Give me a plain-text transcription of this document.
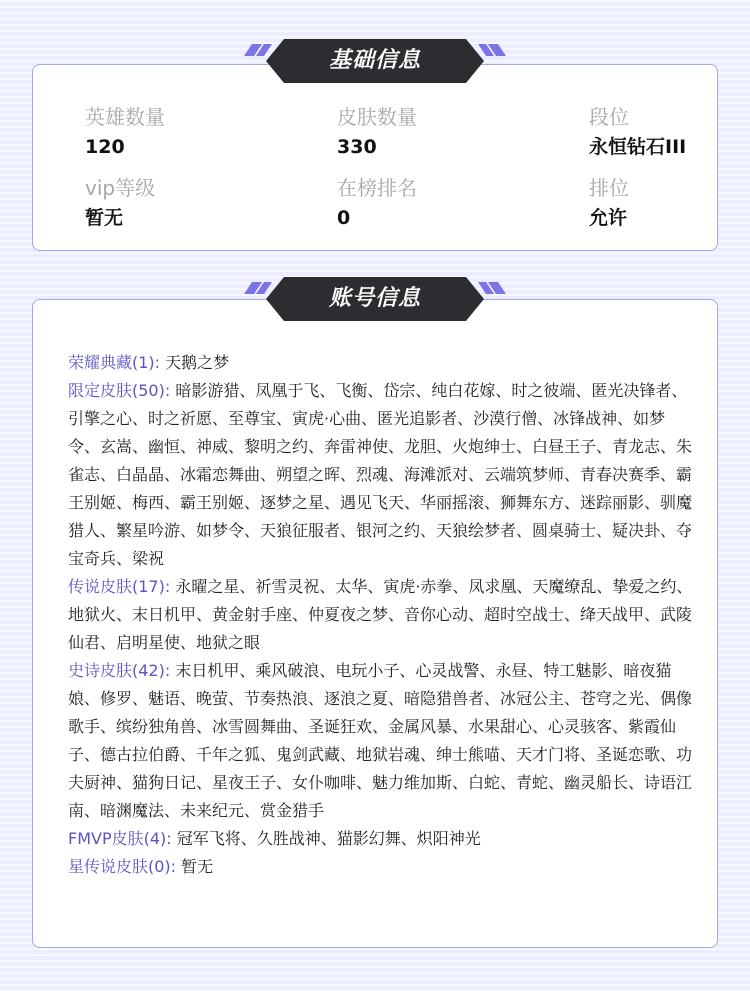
基础信息
英雄数量
120
皮肤数量
330
段位
永恒钻石III
vip等级
暂无
在榜排名
0
排位
允许
账号信息
荣耀典藏(1): 天鹅之梦
限定皮肤(50): 暗影游猎、凤凰于飞、飞衡、岱宗、纯白花嫁、时之彼端、匿光决锋者、引擎之心、时之祈愿、至尊宝、寅虎·心曲、匿光追影者、沙漠行僧、冰锋战神、如梦令、玄嵩、幽恒、神威、黎明之约、奔雷神使、龙胆、火炮绅士、白昼王子、青龙志、朱雀志、白晶晶、冰霜恋舞曲、朔望之晖、烈魂、海滩派对、云端筑梦师、青春决赛季、霸王别姬、梅西、霸王别姬、逐梦之星、遇见飞天、华丽摇滚、狮舞东方、迷踪丽影、驯魔猎人、繁星吟游、如梦令、天狼征服者、银河之约、天狼绘梦者、圆桌骑士、疑决卦、夺宝奇兵、梁祝
传说皮肤(17): 永曜之星、祈雪灵祝、太华、寅虎·赤拳、凤求凰、天魔缭乱、挚爱之约、地狱火、末日机甲、黄金射手座、仲夏夜之梦、音你心动、超时空战士、绛天战甲、武陵仙君、启明星使、地狱之眼
史诗皮肤(42): 末日机甲、乘风破浪、电玩小子、心灵战警、永昼、特工魅影、暗夜猫娘、修罗、魅语、晚萤、节奏热浪、逐浪之夏、暗隐猎兽者、冰冠公主、苍穹之光、偶像歌手、缤纷独角兽、冰雪圆舞曲、圣诞狂欢、金属风暴、水果甜心、心灵骇客、紫霞仙子、德古拉伯爵、千年之狐、鬼剑武藏、地狱岩魂、绅士熊喵、天才门将、圣诞恋歌、功夫厨神、猫狗日记、星夜王子、女仆咖啡、魅力维加斯、白蛇、青蛇、幽灵船长、诗语江南、暗渊魔法、未来纪元、赏金猎手
FMVP皮肤(4): 冠军飞将、久胜战神、猫影幻舞、炽阳神光
星传说皮肤(0): 暂无
